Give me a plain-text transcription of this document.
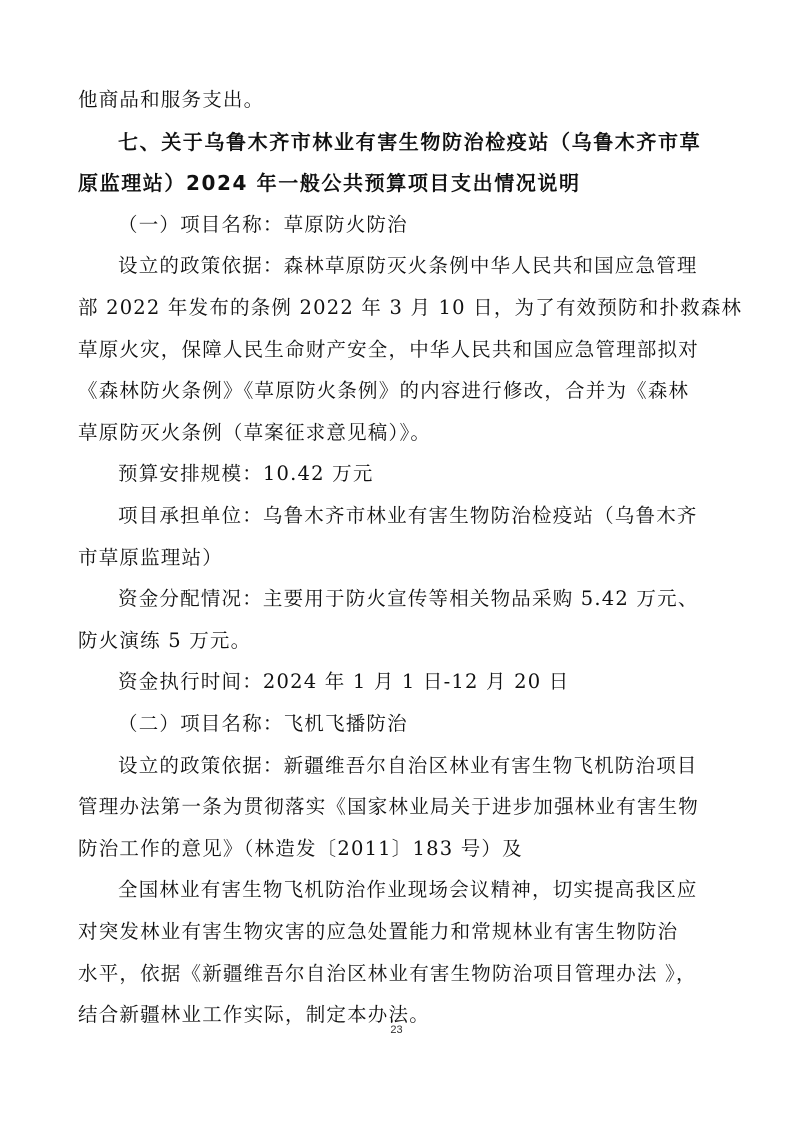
他商品和服务支出。
七、关于乌鲁木齐市林业有害生物防治检疫站（乌鲁木齐市草
原监理站）2024 年一般公共预算项目支出情况说明
（一）项目名称：草原防火防治
设立的政策依据：森林草原防灭火条例中华人民共和国应急管理
部 2022 年发布的条例 2022 年 3 月 10 日，为了有效预防和扑救森林
草原火灾，保障人民生命财产安全，中华人民共和国应急管理部拟对
《森林防火条例》《草原防火条例》的内容进行修改，合并为《森林
草原防灭火条例（草案征求意见稿）》。
预算安排规模：10.42 万元
项目承担单位：乌鲁木齐市林业有害生物防治检疫站（乌鲁木齐
市草原监理站）
资金分配情况：主要用于防火宣传等相关物品采购 5.42 万元、
防火演练 5 万元。
资金执行时间：2024 年 1 月 1 日-12 月 20 日
（二）项目名称：飞机飞播防治
设立的政策依据：新疆维吾尔自治区林业有害生物飞机防治项目
管理办法第一条为贯彻落实《国家林业局关于进步加强林业有害生物
防治工作的意见》（林造发〔2011〕183 号）及
全国林业有害生物飞机防治作业现场会议精神，切实提高我区应
对突发林业有害生物灾害的应急处置能力和常规林业有害生物防治
水平，依据《新疆维吾尔自治区林业有害生物防治项目管理办法 》，
结合新疆林业工作实际，制定本办法。
23
